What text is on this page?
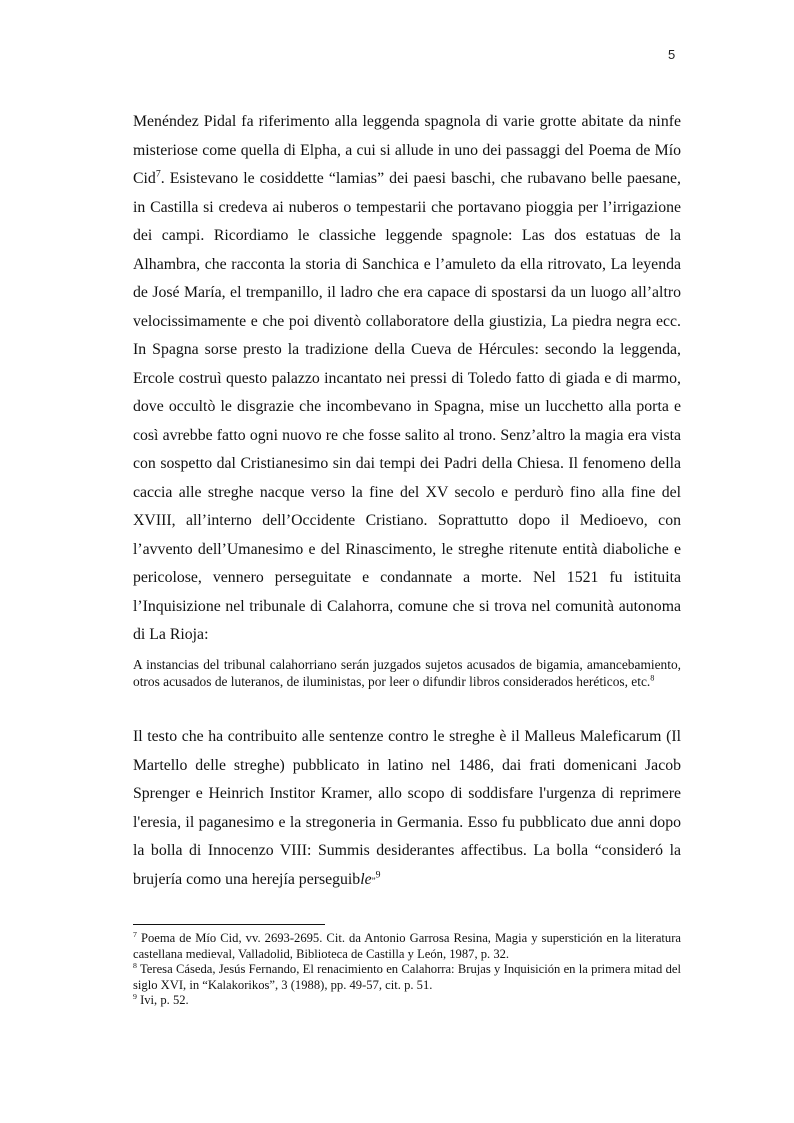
5

Menéndez Pidal fa riferimento alla leggenda spagnola di varie grotte abitate da ninfe misteriose come quella di Elpha, a cui si allude in uno dei passaggi del Poema de Mío Cid$^7$. Esistevano le cosiddette “lamias” dei paesi baschi, che rubavano belle paesane, in Castilla si credeva ai nuberos o tempestarii che portavano pioggia per l’irrigazione dei campi. Ricordiamo le classiche leggende spagnole: Las dos estatuas de la Alhambra, che racconta la storia di Sanchica e l’amuleto da ella ritrovato, La leyenda de José María, el trempanillo, il ladro che era capace di spostarsi da un luogo all’altro velocissimamente e che poi diventò collaboratore della giustizia, La piedra negra ecc. In Spagna sorse presto la tradizione della Cueva de Hércules: secondo la leggenda, Ercole costruì questo palazzo incantato nei pressi di Toledo fatto di giada e di marmo, dove occultò le disgrazie che incombevano in Spagna, mise un lucchetto alla porta e così avrebbe fatto ogni nuovo re che fosse salito al trono. Senz’altro la magia era vista con sospetto dal Cristianesimo sin dai tempi dei Padri della Chiesa. Il fenomeno della caccia alle streghe nacque verso la fine del XV secolo e perdurò fino alla fine del XVIII, all’interno dell’Occidente Cristiano. Soprattutto dopo il Medioevo, con l’avvento dell’Umanesimo e del Rinascimento, le streghe ritenute entità diaboliche e pericolose, vennero perseguitate e condannate a morte. Nel 1521 fu istituita l’Inquisizione nel tribunale di Calahorra, comune che si trova nel comunità autonoma di La Rioja:

A instancias del tribunal calahorriano serán juzgados sujetos acusados de bigamia, amancebamiento, otros acusados de luteranos, de iluministas, por leer o difundir libros considerados heréticos, etc.$^8$

Il testo che ha contribuito alle sentenze contro le streghe è il Malleus Maleficarum (Il Martello delle streghe) pubblicato in latino nel 1486, dai frati domenicani Jacob Sprenger e Heinrich Institor Kramer, allo scopo di soddisfare l'urgenza di reprimere l'eresia, il paganesimo e la stregoneria in Germania. Esso fu pubblicato due anni dopo la bolla di Innocenzo VIII: Summis desiderantes affectibus. La bolla “consideró la brujería como una herejía perseguible”$^9$

$^7$ Poema de Mío Cid, vv. 2693-2695. Cit. da Antonio Garrosa Resina, Magia y superstición en la literatura castellana medieval, Valladolid, Biblioteca de Castilla y León, 1987, p. 32.

$^8$ Teresa Cáseda, Jesús Fernando, El renacimiento en Calahorra: Brujas y Inquisición en la primera mitad del siglo XVI, in “Kalakorikos”, 3 (1988), pp. 49-57, cit. p. 51.

$^9$ Ivi, p. 52.
